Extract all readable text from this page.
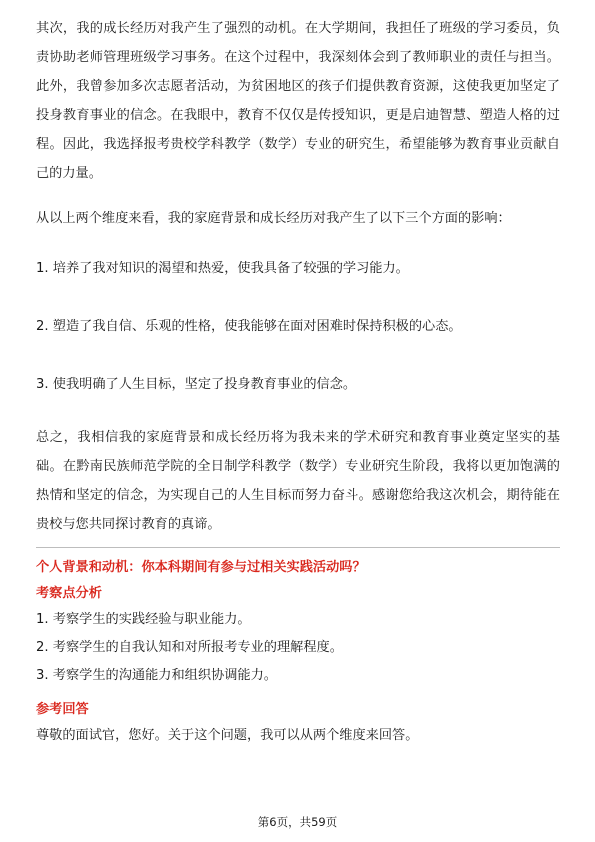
其次，我的成长经历对我产生了强烈的动机。在大学期间，我担任了班级的学习委员，负责协助老师管理班级学习事务。在这个过程中，我深刻体会到了教师职业的责任与担当。此外，我曾参加多次志愿者活动，为贫困地区的孩子们提供教育资源，这使我更加坚定了投身教育事业的信念。在我眼中，教育不仅仅是传授知识，更是启迪智慧、塑造人格的过程。因此，我选择报考贵校学科教学（数学）专业的研究生，希望能够为教育事业贡献自己的力量。

从以上两个维度来看，我的家庭背景和成长经历对我产生了以下三个方面的影响：

1. 培养了我对知识的渴望和热爱，使我具备了较强的学习能力。

2. 塑造了我自信、乐观的性格，使我能够在面对困难时保持积极的心态。

3. 使我明确了人生目标，坚定了投身教育事业的信念。

总之，我相信我的家庭背景和成长经历将为我未来的学术研究和教育事业奠定坚实的基础。在黔南民族师范学院的全日制学科教学（数学）专业研究生阶段，我将以更加饱满的热情和坚定的信念，为实现自己的人生目标而努力奋斗。感谢您给我这次机会，期待能在贵校与您共同探讨教育的真谛。

个人背景和动机：你本科期间有参与过相关实践活动吗？

考察点分析

1. 考察学生的实践经验与职业能力。

2. 考察学生的自我认知和对所报考专业的理解程度。

3. 考察学生的沟通能力和组织协调能力。

参考回答

尊敬的面试官，您好。关于这个问题，我可以从两个维度来回答。

第6页，共59页
